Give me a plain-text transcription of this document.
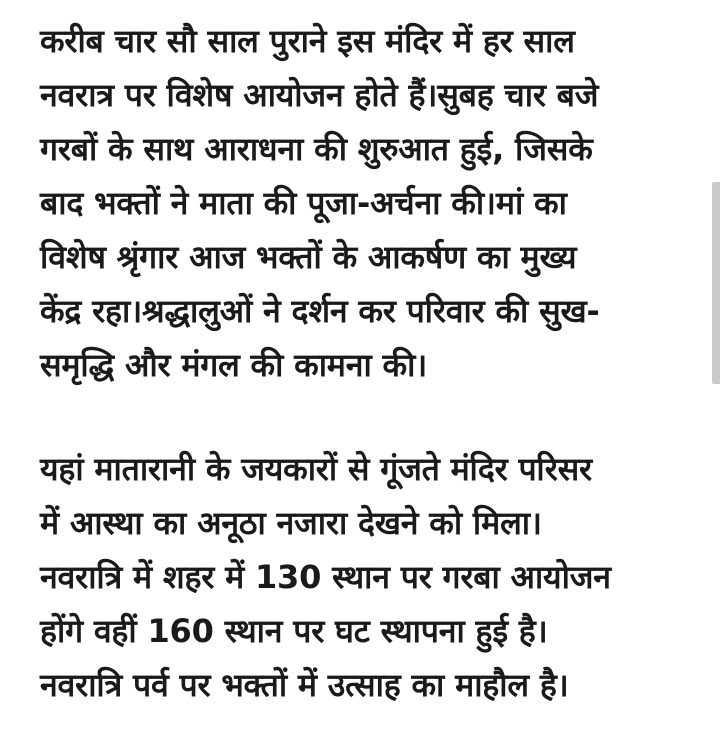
करीब चार सौ साल पुराने इस मंदिर में हर साल
नवरात्र पर विशेष आयोजन होते हैं।सुबह चार बजे
गरबों के साथ आराधना की शुरुआत हुई, जिसके
बाद भक्तों ने माता की पूजा-अर्चना की।मां का
विशेष श्रृंगार आज भक्तों के आकर्षण का मुख्य
केंद्र रहा।श्रद्धालुओं ने दर्शन कर परिवार की सुख-
समृद्धि और मंगल की कामना की।

यहां मातारानी के जयकारों से गूंजते मंदिर परिसर
में आस्था का अनूठा नजारा देखने को मिला।
नवरात्रि में शहर में 130 स्थान पर गरबा आयोजन
होंगे वहीं 160 स्थान पर घट स्थापना हुई है।
नवरात्रि पर्व पर भक्तों में उत्साह का माहौल है।
